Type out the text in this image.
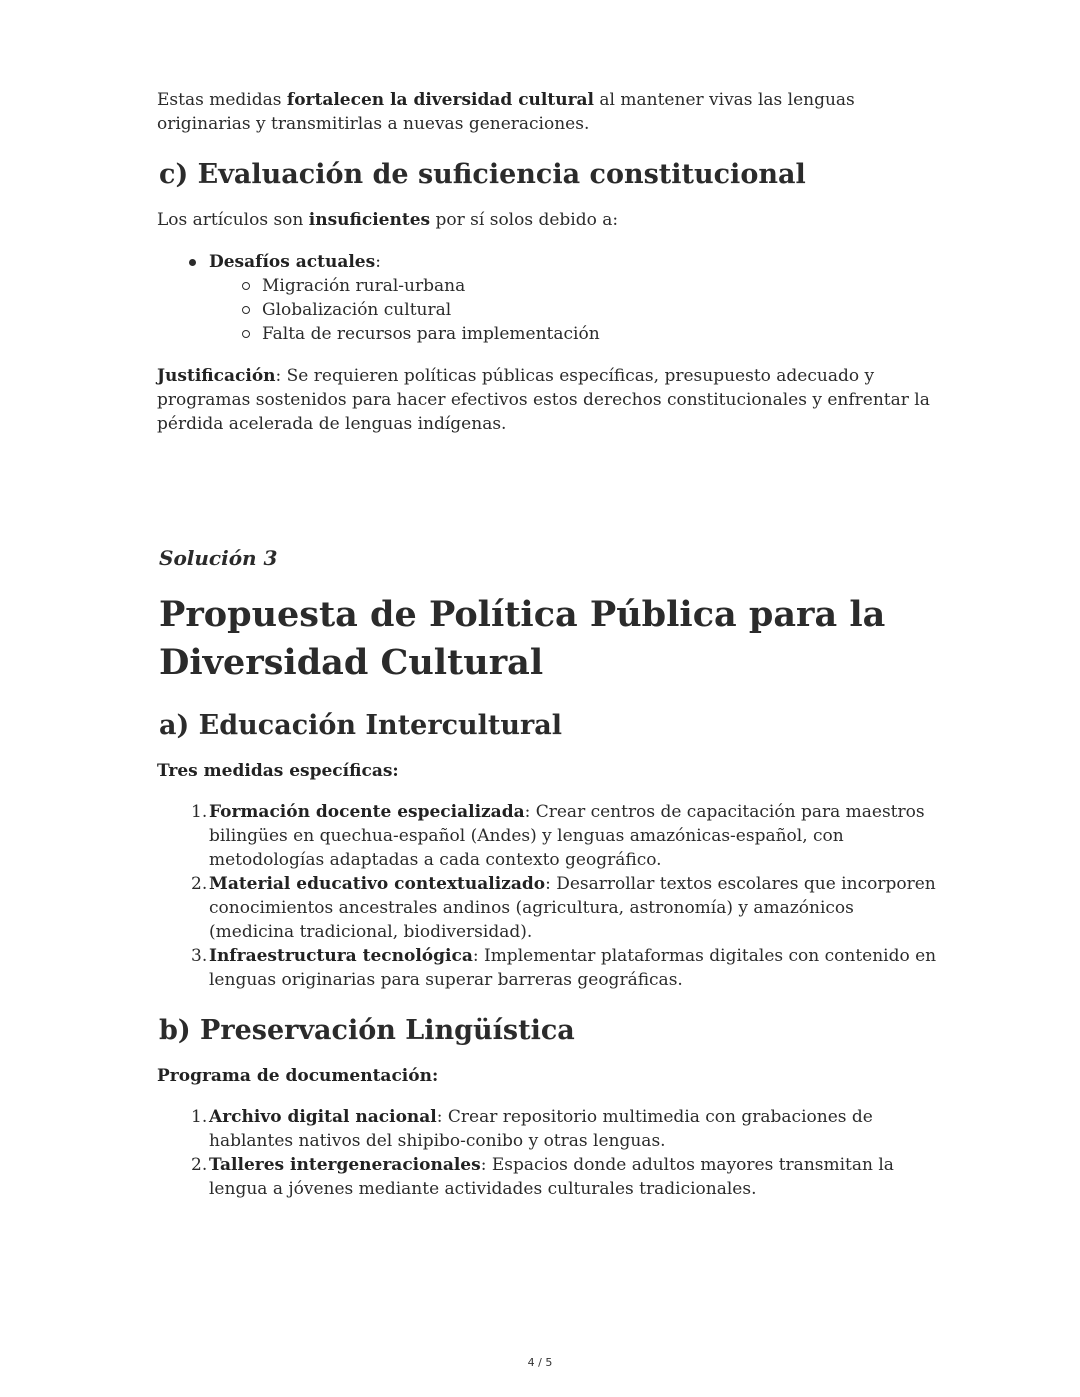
Estas medidas fortalecen la diversidad cultural al mantener vivas las lenguas originarias y transmitirlas a nuevas generaciones.

c) Evaluación de suficiencia constitucional

Los artículos son insuficientes por sí solos debido a:

Desafíos actuales:
Migración rural-urbana
Globalización cultural
Falta de recursos para implementación

Justificación: Se requieren políticas públicas específicas, presupuesto adecuado y programas sostenidos para hacer efectivos estos derechos constitucionales y enfrentar la pérdida acelerada de lenguas indígenas.

Solución 3

Propuesta de Política Pública para la Diversidad Cultural
a) Educación Intercultural

Tres medidas específicas:

1. Formación docente especializada: Crear centros de capacitación para maestros bilingües en quechua-español (Andes) y lenguas amazónicas-español, con metodologías adaptadas a cada contexto geográfico.
2. Material educativo contextualizado: Desarrollar textos escolares que incorporen conocimientos ancestrales andinos (agricultura, astronomía) y amazónicos (medicina tradicional, biodiversidad).
3. Infraestructura tecnológica: Implementar plataformas digitales con contenido en lenguas originarias para superar barreras geográficas.
b) Preservación Lingüística

Programa de documentación:

1. Archivo digital nacional: Crear repositorio multimedia con grabaciones de hablantes nativos del shipibo-conibo y otras lenguas.
2. Talleres intergeneracionales: Espacios donde adultos mayores transmitan la lengua a jóvenes mediante actividades culturales tradicionales.
4 / 5
